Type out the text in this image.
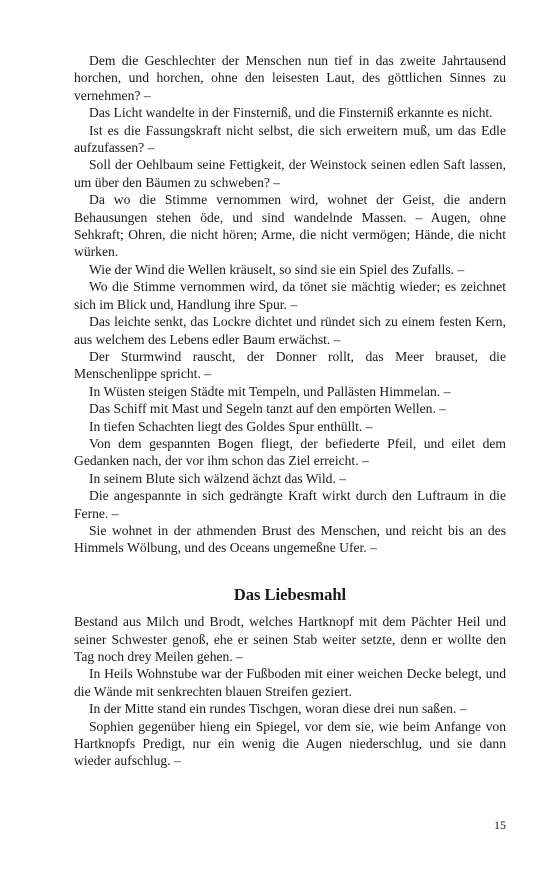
Dem die Geschlechter der Menschen nun tief in das zweite Jahrtausend horchen, und horchen, ohne den leisesten Laut, des göttlichen Sinnes zu vernehmen? –

Das Licht wandelte in der Finsterniß, und die Finsterniß erkannte es nicht.

Ist es die Fassungskraft nicht selbst, die sich erweitern muß, um das Edle aufzufassen? –

Soll der Oehlbaum seine Fettigkeit, der Weinstock seinen edlen Saft lassen, um über den Bäumen zu schweben? –

Da wo die Stimme vernommen wird, wohnet der Geist, die andern Behausungen stehen öde, und sind wandelnde Massen. – Augen, ohne Sehkraft; Ohren, die nicht hören; Arme, die nicht vermögen; Hände, die nicht würken.

Wie der Wind die Wellen kräuselt, so sind sie ein Spiel des Zufalls. –

Wo die Stimme vernommen wird, da tönet sie mächtig wieder; es zeichnet sich im Blick und, Handlung ihre Spur. –

Das leichte senkt, das Lockre dichtet und ründet sich zu einem festen Kern, aus welchem des Lebens edler Baum erwächst. –

Der Sturmwind rauscht, der Donner rollt, das Meer brauset, die Menschenlippe spricht. –

In Wüsten steigen Städte mit Tempeln, und Pallästen Himmelan. –

Das Schiff mit Mast und Segeln tanzt auf den empörten Wellen. –

In tiefen Schachten liegt des Goldes Spur enthüllt. –

Von dem gespannten Bogen fliegt, der befiederte Pfeil, und eilet dem Gedanken nach, der vor ihm schon das Ziel erreicht. –

In seinem Blute sich wälzend ächzt das Wild. –

Die angespannte in sich gedrängte Kraft wirkt durch den Luftraum in die Ferne. –

Sie wohnet in der athmenden Brust des Menschen, und reicht bis an des Himmels Wölbung, und des Oceans ungemeßne Ufer. –

Das Liebesmahl

Bestand aus Milch und Brodt, welches Hartknopf mit dem Pächter Heil und seiner Schwester genoß, ehe er seinen Stab weiter setzte, denn er wollte den Tag noch drey Meilen gehen. –

In Heils Wohnstube war der Fußboden mit einer weichen Decke belegt, und die Wände mit senkrechten blauen Streifen geziert.

In der Mitte stand ein rundes Tischgen, woran diese drei nun saßen. –

Sophien gegenüber hieng ein Spiegel, vor dem sie, wie beim Anfange von Hartknopfs Predigt, nur ein wenig die Augen niederschlug, und sie dann wieder aufschlug. –

15
